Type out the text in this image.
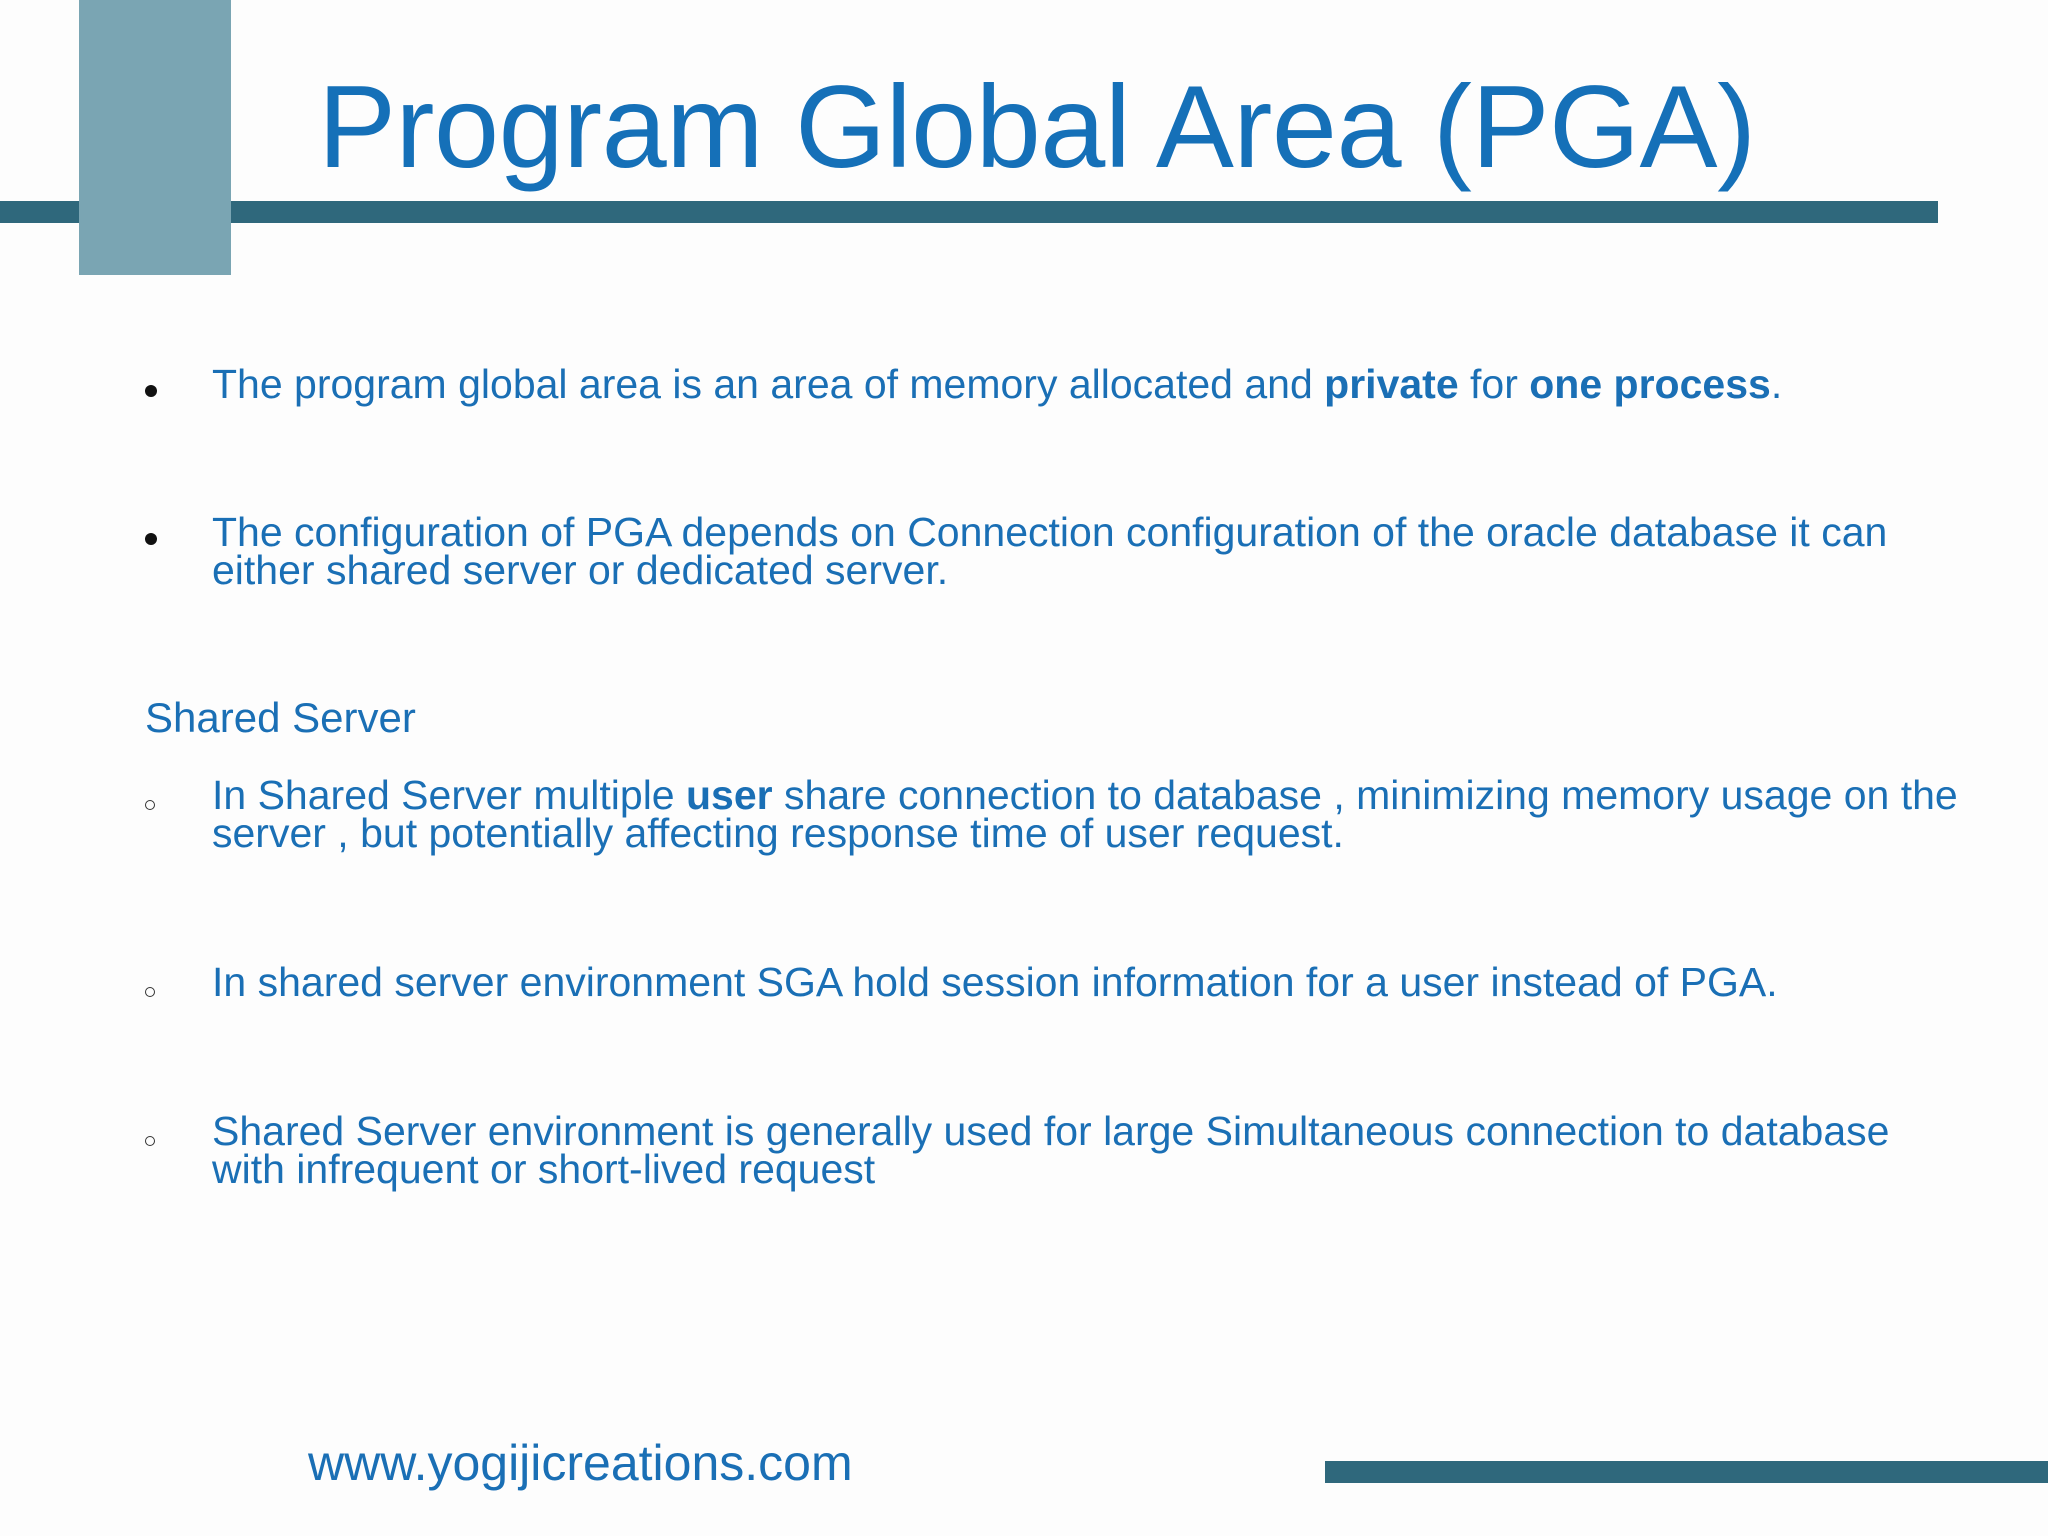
Program Global Area (PGA)
The program global area is an area of memory allocated and private for one process.
The configuration of PGA depends on Connection configuration of the oracle database it can either shared server or dedicated server.
Shared Server
In Shared Server multiple user share connection to database , minimizing memory usage on the server , but potentially affecting response time of user request.
In shared server environment SGA hold session information for a user instead of PGA.
Shared Server environment is generally used for large Simultaneous connection to database with infrequent or short-lived request
www.yogijicreations.com
